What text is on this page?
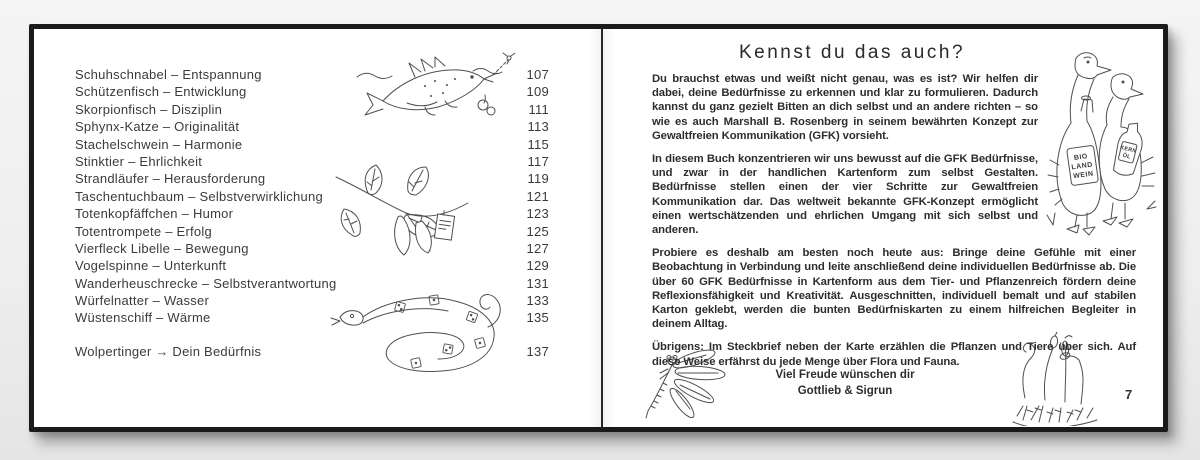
Schuhschnabel – Entspannung	107
Schützenfisch – Entwicklung	109
Skorpionfisch – Disziplin	111
Sphynx-Katze – Originalität	113
Stachelschwein – Harmonie	115
Stinktier – Ehrlichkeit	117
Strandläufer – Herausforderung	119
Taschentuchbaum – Selbstverwirklichung	121
Totenkopfäffchen – Humor	123
Totentrompete – Erfolg	125
Vierfleck Libelle – Bewegung	127
Vogelspinne – Unterkunft	129
Wanderheuschrecke – Selbstverantwortung	131
Würfelnatter – Wasser	133
Wüstenschiff – Wärme	135
Wolpertinger → Dein Bedürfnis	137
Kennst du das auch?

Du brauchst etwas und weißt nicht genau, was es ist? Wir helfen dir dabei, deine Bedürfnisse zu erkennen und klar zu formulieren. Dadurch kannst du ganz gezielt Bitten an dich selbst und an andere richten – so wie es auch Marshall B. Rosenberg in seinem bewährten Konzept zur Gewaltfreien Kommunikation (GFK) vorsieht.

In diesem Buch konzentrieren wir uns bewusst auf die GFK Bedürfnisse, und zwar in der handlichen Kartenform zum selbst Gestalten. Bedürfnisse stellen einen der vier Schritte zur Gewaltfreien Kommunikation dar. Das weltweit bekannte GFK-Konzept ermöglicht einen wertschätzenden und ehrlichen Umgang mit sich selbst und anderen.

Probiere es deshalb am besten noch heute aus: Bringe deine Gefühle mit einer Beobachtung in Verbindung und leite anschließend deine individuellen Bedürfnisse ab. Die über 60 GFK Bedürfnisse in Kartenform aus dem Tier- und Pflanzenreich fördern deine Reflexionsfähigkeit und Kreativität. Ausgeschnitten, individuell bemalt und auf stabilen Karton geklebt, werden die bunten Bedürfniskarten zu einem hilfreichen Begleiter in deinem Alltag.

Übrigens: Im Steckbrief neben der Karte erzählen die Pflanzen und Tiere über sich. Auf diese Weise erfährst du jede Menge über Flora und Fauna.

Viel Freude wünschen dir
Gottlieb & Sigrun	7
BIO
LAND
WEIN
KERN
ÖL
